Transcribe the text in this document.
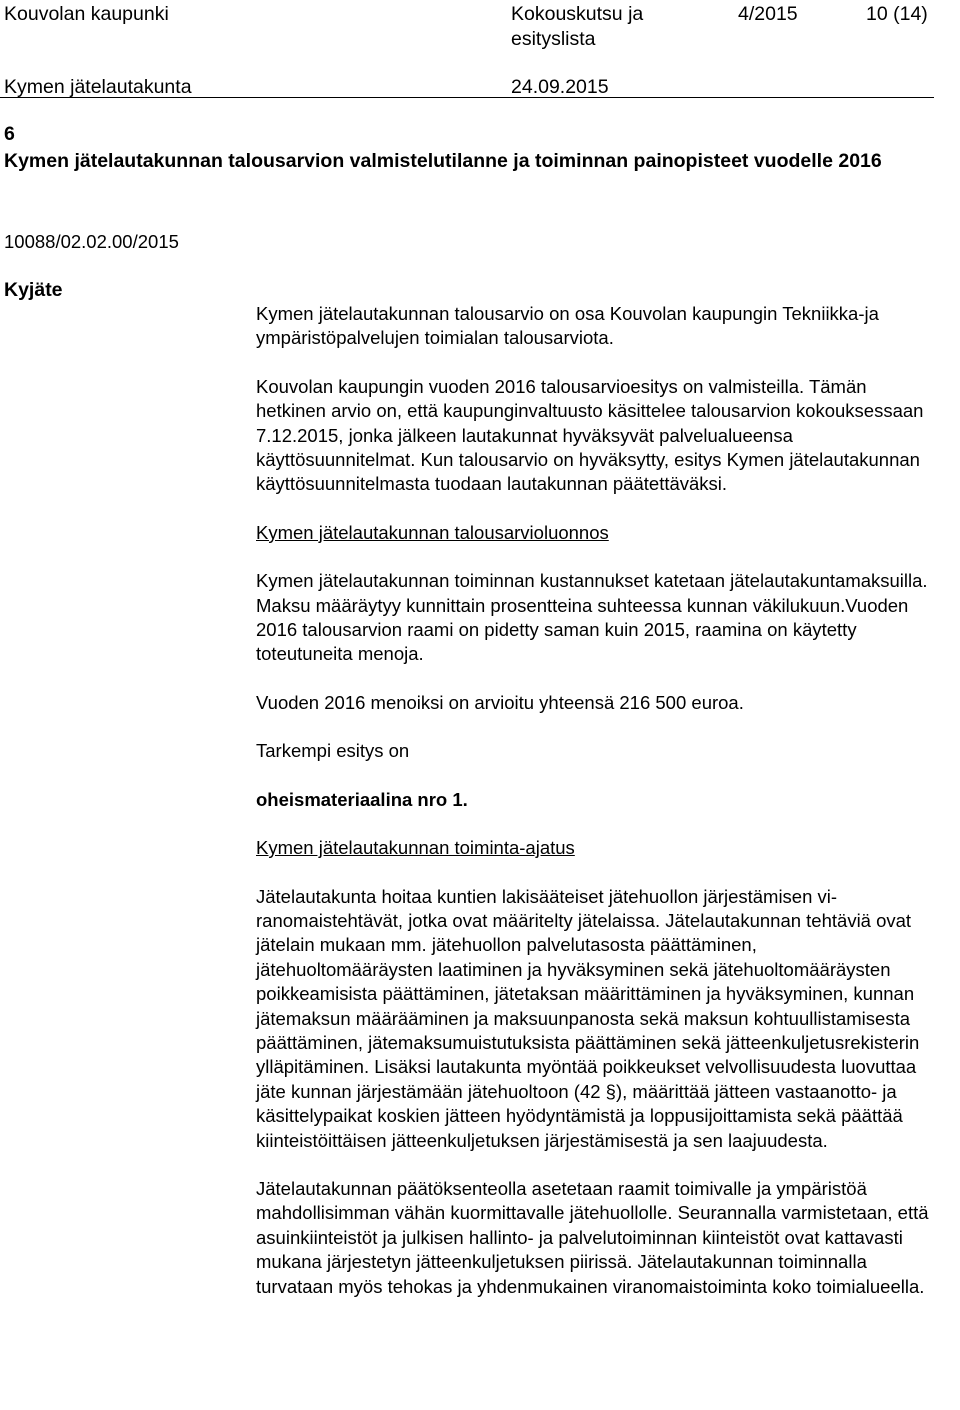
Kouvolan kaupunki	Kokouskutsu ja
esityslista
4/2015	10 (14)
Kymen jätelautakunta	24.09.2015
6
Kymen jätelautakunnan talousarvion valmistelutilanne ja toiminnan painopisteet vuodelle 2016
10088/02.02.00/2015
Kyjäte

Kymen jätelautakunnan talousarvio on osa Kouvolan kaupungin Tekniikka-ja ympäristöpalvelujen toimialan talousarviota.

Kouvolan kaupungin vuoden 2016 talousarvioesitys on valmisteilla. Tämän hetkinen arvio on, että kaupunginvaltuusto käsittelee talousarvion kokouksessaan 7.12.2015, jonka jälkeen lautakunnat hyväksyvät palvelualueensa käyttösuunnitelmat. Kun talousarvio on hyväksytty, esitys Kymen jätelautakunnan käyttösuunnitelmasta tuodaan lautakunnan päätettäväksi.

Kymen jätelautakunnan talousarvioluonnos

Kymen jätelautakunnan toiminnan kustannukset katetaan jätelautakuntamaksuilla. Maksu määräytyy kunnittain prosentteina suhteessa kunnan väkilukuun.Vuoden 2016 talousarvion raami on pidetty saman kuin 2015, raamina on käytetty toteutuneita menoja.

Vuoden 2016 menoiksi on arvioitu yhteensä 216 500 euroa.

Tarkempi esitys on

oheismateriaalina nro 1.

Kymen jätelautakunnan toiminta-ajatus

Jätelautakunta hoitaa kuntien lakisääteiset jätehuollon järjestämisen viranomaistehtävät, jotka ovat määritelty jätelaissa. Jätelautakunnan tehtäviä ovat jätelain mukaan mm. jätehuollon palvelutasosta päättäminen, jätehuoltomääräysten laatiminen ja hyväksyminen sekä jätehuoltomääräysten poikkeamisista päättäminen, jätetaksan määrittäminen ja hyväksyminen, kunnan jätemaksun määrääminen ja maksuunpanosta sekä maksun kohtuullistamisesta päättäminen, jätemaksumuistutuksista päättäminen sekä jätteenkuljetusrekisterin ylläpitäminen. Lisäksi lautakunta myöntää poikkeukset velvollisuudesta luovuttaa jäte kunnan järjestämään jätehuoltoon (42 §), määrittää jätteen vastaanotto- ja käsittelypaikat koskien jätteen hyödyntämistä ja loppusijoittamista sekä päättää kiinteistöittäisen jätteenkuljetuksen järjestämisestä ja sen laajuudesta.

Jätelautakunnan päätöksenteolla asetetaan raamit toimivalle ja ympäristöä mahdollisimman vähän kuormittavalle jätehuollolle. Seurannalla varmistetaan, että asuinkiinteistöt ja julkisen hallinto- ja palvelutoiminnan kiinteistöt ovat kattavasti mukana järjestetyn jätteenkuljetuksen piirissä. Jätelautakunnan toiminnalla turvataan myös tehokas ja yhdenmukainen viranomaistoiminta koko toimialueella.
